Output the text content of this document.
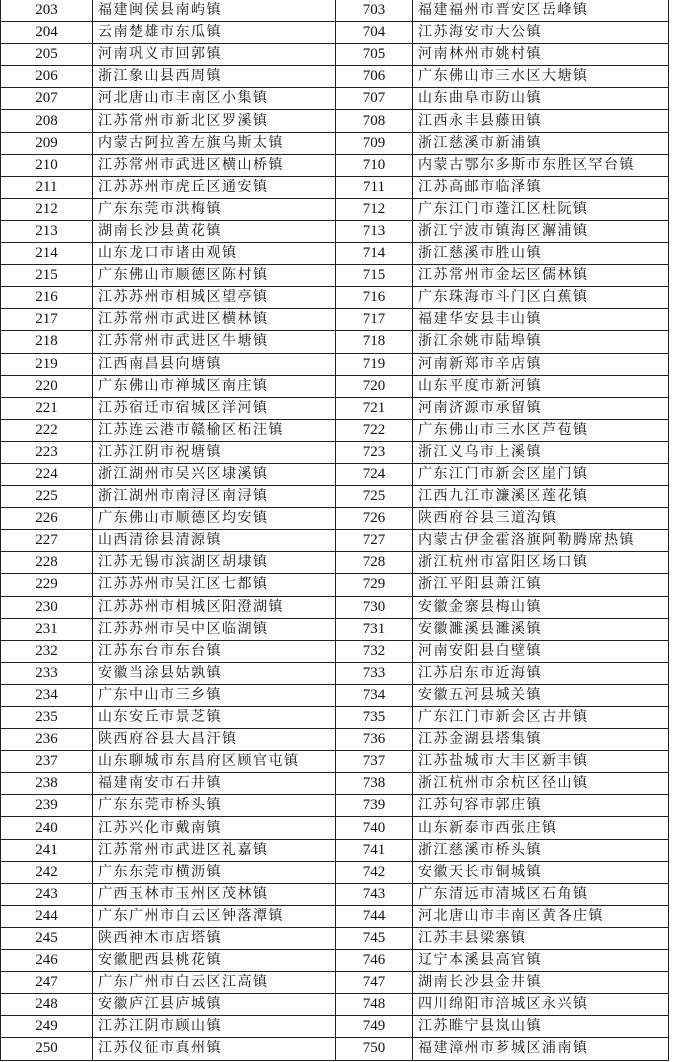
203	福建闽侯县南屿镇	703	福建福州市晋安区岳峰镇
204	云南楚雄市东瓜镇	704	江苏海安市大公镇
205	河南巩义市回郭镇	705	河南林州市姚村镇
206	浙江象山县西周镇	706	广东佛山市三水区大塘镇
207	河北唐山市丰南区小集镇	707	山东曲阜市防山镇
208	江苏常州市新北区罗溪镇	708	江西永丰县藤田镇
209	内蒙古阿拉善左旗乌斯太镇	709	浙江慈溪市新浦镇
210	江苏常州市武进区横山桥镇	710	内蒙古鄂尔多斯市东胜区罕台镇
211	江苏苏州市虎丘区通安镇	711	江苏高邮市临泽镇
212	广东东莞市洪梅镇	712	广东江门市蓬江区杜阮镇
213	湖南长沙县黄花镇	713	浙江宁波市镇海区澥浦镇
214	山东龙口市诸由观镇	714	浙江慈溪市胜山镇
215	广东佛山市顺德区陈村镇	715	江苏常州市金坛区儒林镇
216	江苏苏州市相城区望亭镇	716	广东珠海市斗门区白蕉镇
217	江苏常州市武进区横林镇	717	福建华安县丰山镇
218	江苏常州市武进区牛塘镇	718	浙江余姚市陆埠镇
219	江西南昌县向塘镇	719	河南新郑市辛店镇
220	广东佛山市禅城区南庄镇	720	山东平度市新河镇
221	江苏宿迁市宿城区洋河镇	721	河南济源市承留镇
222	江苏连云港市赣榆区柘汪镇	722	广东佛山市三水区芦苞镇
223	江苏江阴市祝塘镇	723	浙江义乌市上溪镇
224	浙江湖州市吴兴区埭溪镇	724	广东江门市新会区崖门镇
225	浙江湖州市南浔区南浔镇	725	江西九江市濂溪区莲花镇
226	广东佛山市顺德区均安镇	726	陕西府谷县三道沟镇
227	山西清徐县清源镇	727	内蒙古伊金霍洛旗阿勒腾席热镇
228	江苏无锡市滨湖区胡埭镇	728	浙江杭州市富阳区场口镇
229	江苏苏州市吴江区七都镇	729	浙江平阳县萧江镇
230	江苏苏州市相城区阳澄湖镇	730	安徽金寨县梅山镇
231	江苏苏州市吴中区临湖镇	731	安徽濉溪县濉溪镇
232	江苏东台市东台镇	732	河南安阳县白壁镇
233	安徽当涂县姑孰镇	733	江苏启东市近海镇
234	广东中山市三乡镇	734	安徽五河县城关镇
235	山东安丘市景芝镇	735	广东江门市新会区古井镇
236	陕西府谷县大昌汗镇	736	江苏金湖县塔集镇
237	山东聊城市东昌府区顾官屯镇	737	江苏盐城市大丰区新丰镇
238	福建南安市石井镇	738	浙江杭州市余杭区径山镇
239	广东东莞市桥头镇	739	江苏句容市郭庄镇
240	江苏兴化市戴南镇	740	山东新泰市西张庄镇
241	江苏常州市武进区礼嘉镇	741	浙江慈溪市桥头镇
242	广东东莞市横沥镇	742	安徽天长市铜城镇
243	广西玉林市玉州区茂林镇	743	广东清远市清城区石角镇
244	广东广州市白云区钟落潭镇	744	河北唐山市丰南区黄各庄镇
245	陕西神木市店塔镇	745	江苏丰县梁寨镇
246	安徽肥西县桃花镇	746	辽宁本溪县高官镇
247	广东广州市白云区江高镇	747	湖南长沙县金井镇
248	安徽庐江县庐城镇	748	四川绵阳市涪城区永兴镇
249	江苏江阴市顾山镇	749	江苏睢宁县岚山镇
250	江苏仪征市真州镇	750	福建漳州市芗城区浦南镇
